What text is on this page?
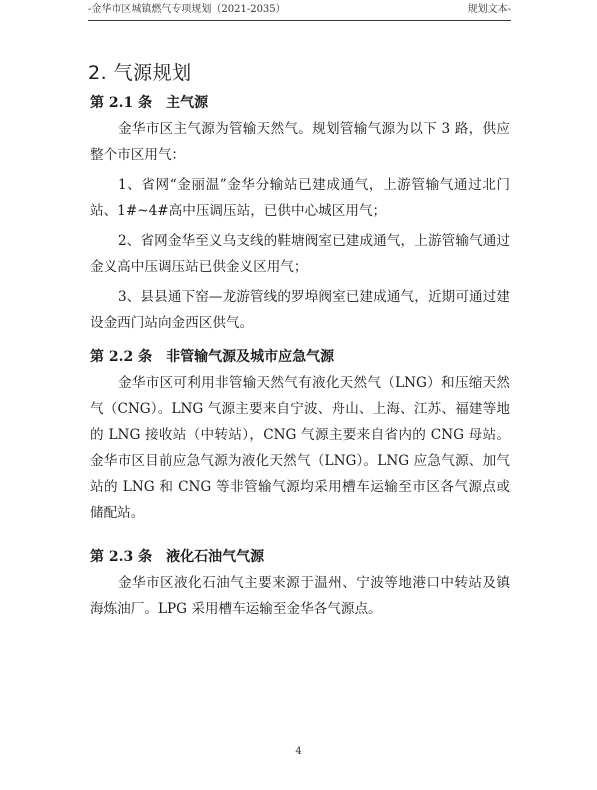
-金华市区城镇燃气专项规划（2021-2035）	规划文本-
2. 气源规划
第 2.1 条 主气源

金华市区主气源为管输天然气。规划管输气源为以下 3 路，供应整个市区用气：

1、省网“金丽温”金华分输站已建成通气，上游管输气通过北门站、1#~4#高中压调压站，已供中心城区用气；

2、省网金华至义乌支线的鞋塘阀室已建成通气，上游管输气通过金义高中压调压站已供金义区用气；

3、县县通下窑—龙游管线的罗埠阀室已建成通气，近期可通过建设金西门站向金西区供气。

第 2.2 条 非管输气源及城市应急气源

金华市区可利用非管输天然气有液化天然气（LNG）和压缩天然气（CNG）。LNG 气源主要来自宁波、舟山、上海、江苏、福建等地的 LNG 接收站（中转站），CNG 气源主要来自省内的 CNG 母站。金华市区目前应急气源为液化天然气（LNG）。LNG 应急气源、加气站的 LNG 和 CNG 等非管输气源均采用槽车运输至市区各气源点或储配站。

第 2.3 条 液化石油气气源

金华市区液化石油气主要来源于温州、宁波等地港口中转站及镇海炼油厂。LPG 采用槽车运输至金华各气源点。

4
